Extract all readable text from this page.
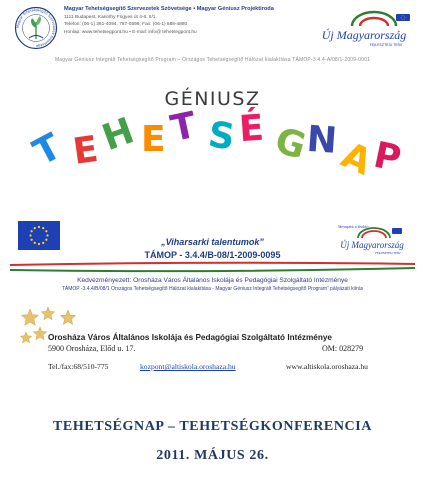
Magyar Tehetségsegítő Szervezetek Szövetsége
Magyar Tehetségsegítő Szervezetek Szövetsége • Magyar Géniusz Projektiroda
1111 Budapest, Karinthy Frigyes út 4-6. II/1.
Telefon: (06-1) 361-4094, 787-0596; Fax: (06-1) 688-4880
Honlap: www.tehetsegpont.hu • E-mail: info@ tehetsegpont.hu	Új Magyarország
FEJLESZTÉSI TERV
Magyar Géniusz Integrált Tehetségsegítő Program – Országos Tehetségsegítő Hálózat kialakítása TÁMOP-3.4.4-A/08/1-2009-0001
GÉNIUSZ
T E
H E T S É G
N
A
P
Támogató a jövőért
Új Magyarország
FEJLESZTÉSI TERV
„Viharsarki talentumok”
TÁMOP - 3.4.4/B-08/1-2009-0095
Kedvezményezett: Orosháza Város Általános Iskolája és Pedagógiai Szolgáltató Intézménye
TÁMOP -3.4.4/B/08/1 Országos Tehetségsegítő Hálózat kialakítása - Magyar Géniusz Integrált Tehetségsegítő Program” pályázati kiírás
Orosháza Város Általános Iskolája és Pedagógiai Szolgáltató Intézménye
5900 Orosháza, Előd u. 17.	OM: 028279
Tel./fax:68/510-775	kozpont@altiskola.oroshaza.hu	www.altiskola.oroshaza.hu
TEHETSÉGNAP – TEHETSÉGKONFERENCIA
2011. MÁJUS 26.
